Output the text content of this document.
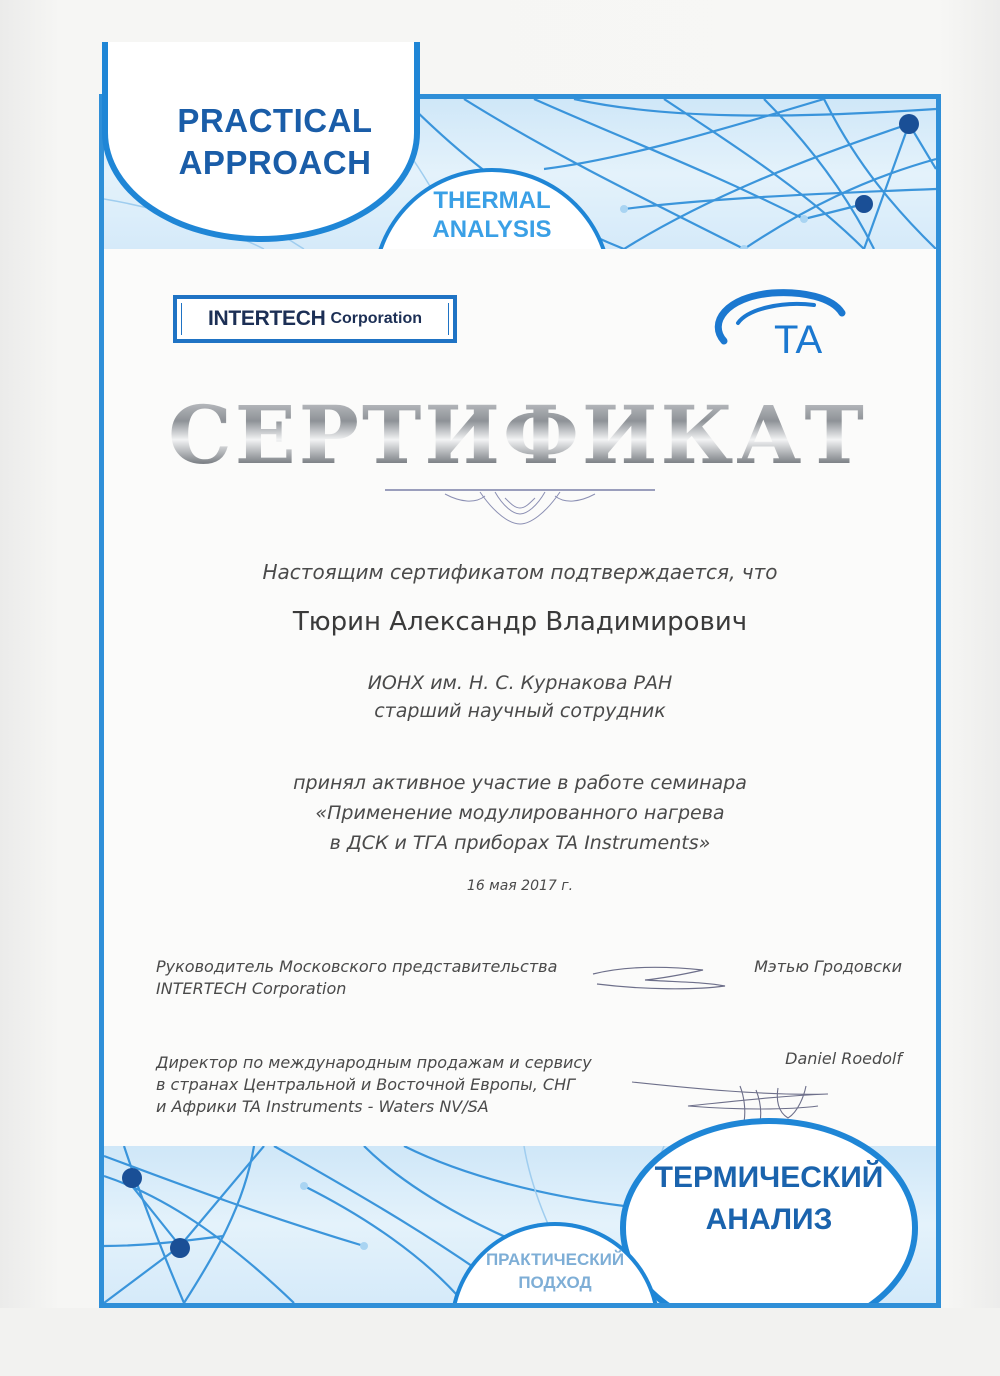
PRACTICAL
APPROACH
THERMAL
ANALYSIS
INTERTECH Corporation	TA
СЕРТИФИКАТ
Настоящим сертификатом подтверждается, что
Тюрин Александр Владимирович
ИОНХ им. Н. С. Курнакова РАН
старший научный сотрудник
принял активное участие в работе семинара
«Применение модулированного нагрева
в ДСК и ТГА приборах TA Instruments»
16 мая 2017 г.
Руководитель Московского представительства
INTERTECH Corporation
Мэтью Гродовски
Директор по международным продажам и сервису
в странах Центральной и Восточной Европы, СНГ
и Африки TA Instruments - Waters NV/SA
Daniel Roedolf
ТЕРМИЧЕСКИЙ
АНАЛИЗ
ПРАКТИЧЕСКИЙ
ПОДХОД
